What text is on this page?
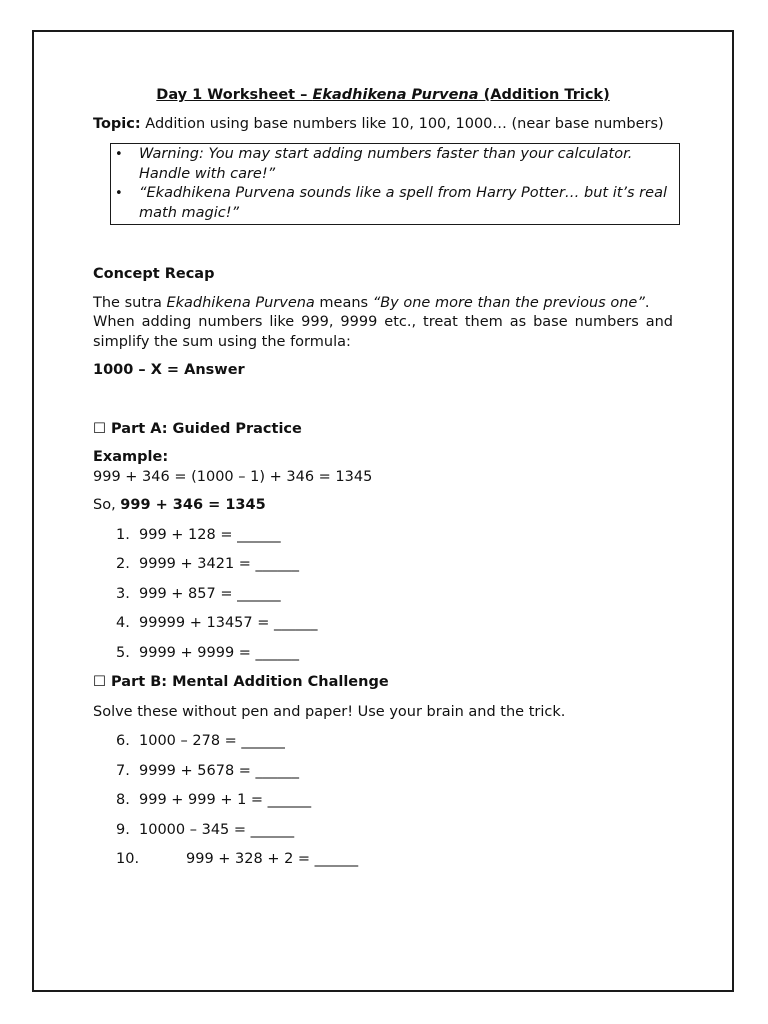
Day 1 Worksheet – Ekadhikena Purvena (Addition Trick)

Topic: Addition using base numbers like 10, 100, 1000… (near base numbers)

•	Warning: You may start adding numbers faster than your calculator. Handle with care!”
•	“Ekadhikena Purvena sounds like a spell from Harry Potter… but it’s real math magic!”

Concept Recap

The sutra Ekadhikena Purvena means “By one more than the previous one”.

When adding numbers like 999, 9999 etc., treat them as base numbers and simplify the sum using the formula:

1000 – X = Answer

☐ Part A: Guided Practice

Example:

999 + 346 = (1000 – 1) + 346 = 1345

So, 999 + 346 = 1345

1. 999 + 128 = ______
2. 9999 + 3421 = ______
3. 999 + 857 = ______
4. 99999 + 13457 = ______
5. 9999 + 9999 = ______

☐ Part B: Mental Addition Challenge

Solve these without pen and paper! Use your brain and the trick.

6. 1000 – 278 = ______
7. 9999 + 5678 = ______
8. 999 + 999 + 1 = ______
9. 10000 – 345 = ______
10.	999 + 328 + 2 = ______
